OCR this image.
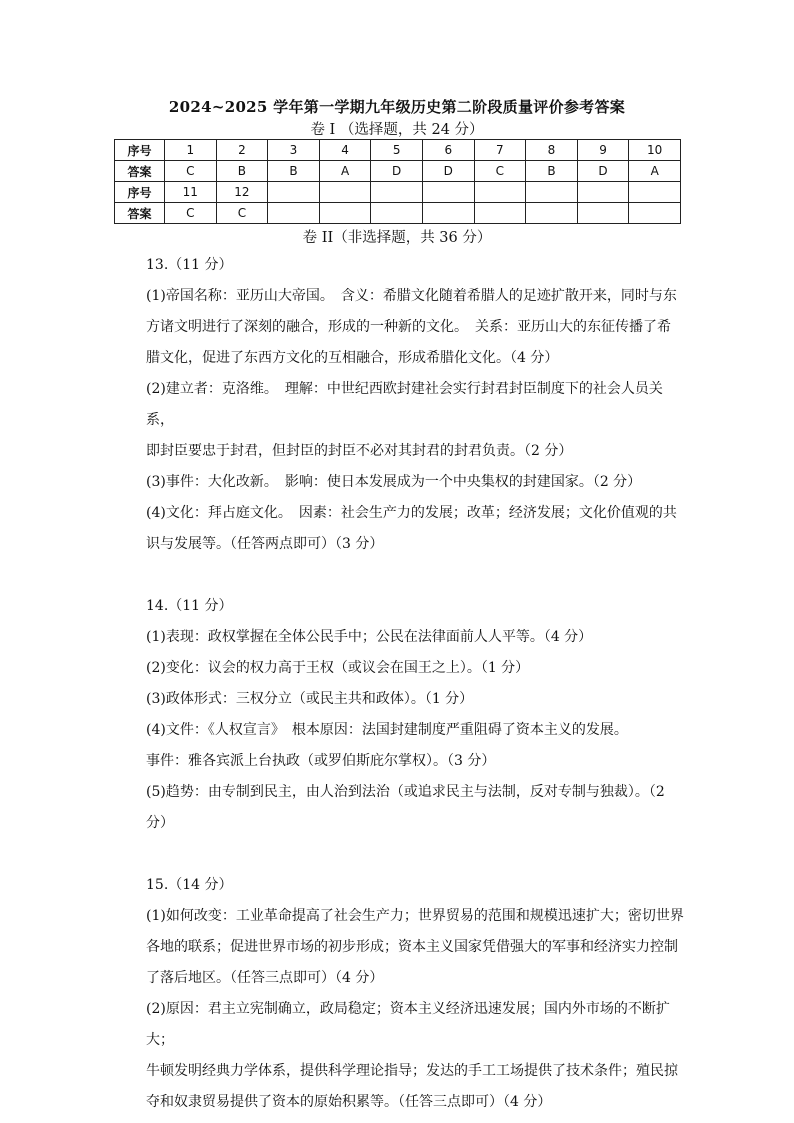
2024~2025 学年第一学期九年级历史第二阶段质量评价参考答案
卷 I （选择题，共 24 分）
序号	1	2	3	4	5	6	7	8	9	10
答案	C	B	B	A	D	D	C	B	D	A
序号	11	12								
答案	C	C								
卷 II（非选择题，共 36 分）

13.（11 分）

(1)帝国名称：亚历山大帝国。　含义：希腊文化随着希腊人的足迹扩散开来，同时与东

方诸文明进行了深刻的融合，形成的一种新的文化。　关系：亚历山大的东征传播了希

腊文化，促进了东西方文化的互相融合，形成希腊化文化。（4 分）

(2)建立者：克洛维。　理解：中世纪西欧封建社会实行封君封臣制度下的社会人员关系，

即封臣要忠于封君，但封臣的封臣不必对其封君的封君负责。（2 分）

(3)事件：大化改新。　影响：使日本发展成为一个中央集权的封建国家。（2 分）

(4)文化：拜占庭文化。　因素：社会生产力的发展；改革；经济发展；文化价值观的共

识与发展等。（任答两点即可）（3 分）

14.（11 分）

(1)表现：政权掌握在全体公民手中；公民在法律面前人人平等。（4 分）

(2)变化：议会的权力高于王权（或议会在国王之上）。（1 分）

(3)政体形式：三权分立（或民主共和政体）。（1 分）

(4)文件：《人权宣言》　根本原因：法国封建制度严重阻碍了资本主义的发展。

事件：雅各宾派上台执政（或罗伯斯庇尔掌权）。（3 分）

(5)趋势：由专制到民主，由人治到法治（或追求民主与法制，反对专制与独裁）。（2 分）

15.（14 分）

(1)如何改变：工业革命提高了社会生产力；世界贸易的范围和规模迅速扩大；密切世界

各地的联系；促进世界市场的初步形成；资本主义国家凭借强大的军事和经济实力控制

了落后地区。（任答三点即可）（4 分）

(2)原因：君主立宪制确立，政局稳定；资本主义经济迅速发展；国内外市场的不断扩大；

牛顿发明经典力学体系，提供科学理论指导；发达的手工工场提供了技术条件；殖民掠

夺和奴隶贸易提供了资本的原始积累等。（任答三点即可）（4 分）
